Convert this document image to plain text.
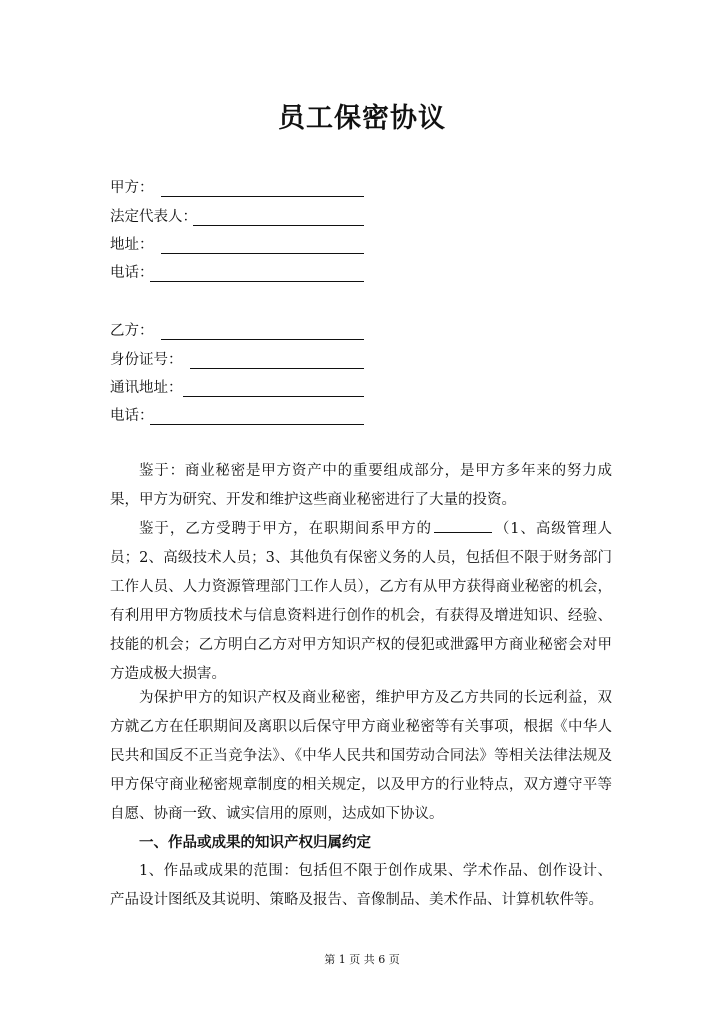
员工保密协议
甲方：
法定代表人：
地址：
电话：
乙方：
身份证号：
通讯地址：
电话：
鉴于：商业秘密是甲方资产中的重要组成部分，是甲方多年来的努力成果，甲方为研究、开发和维护这些商业秘密进行了大量的投资。
鉴于，乙方受聘于甲方，在职期间系甲方的	（1、高级管理人员；2、高级技术人员；3、其他负有保密义务的人员，包括但不限于财务部门工作人员、人力资源管理部门工作人员），乙方有从甲方获得商业秘密的机会，有利用甲方物质技术与信息资料进行创作的机会，有获得及增进知识、经验、技能的机会；乙方明白乙方对甲方知识产权的侵犯或泄露甲方商业秘密会对甲方造成极大损害。
为保护甲方的知识产权及商业秘密，维护甲方及乙方共同的长远利益，双方就乙方在任职期间及离职以后保守甲方商业秘密等有关事项，根据《中华人民共和国反不正当竞争法》、《中华人民共和国劳动合同法》等相关法律法规及甲方保守商业秘密规章制度的相关规定，以及甲方的行业特点，双方遵守平等自愿、协商一致、诚实信用的原则，达成如下协议。
一、作品或成果的知识产权归属约定
1、作品或成果的范围：包括但不限于创作成果、学术作品、创作设计、产品设计图纸及其说明、策略及报告、音像制品、美术作品、计算机软件等。
第 1 页 共 6 页
